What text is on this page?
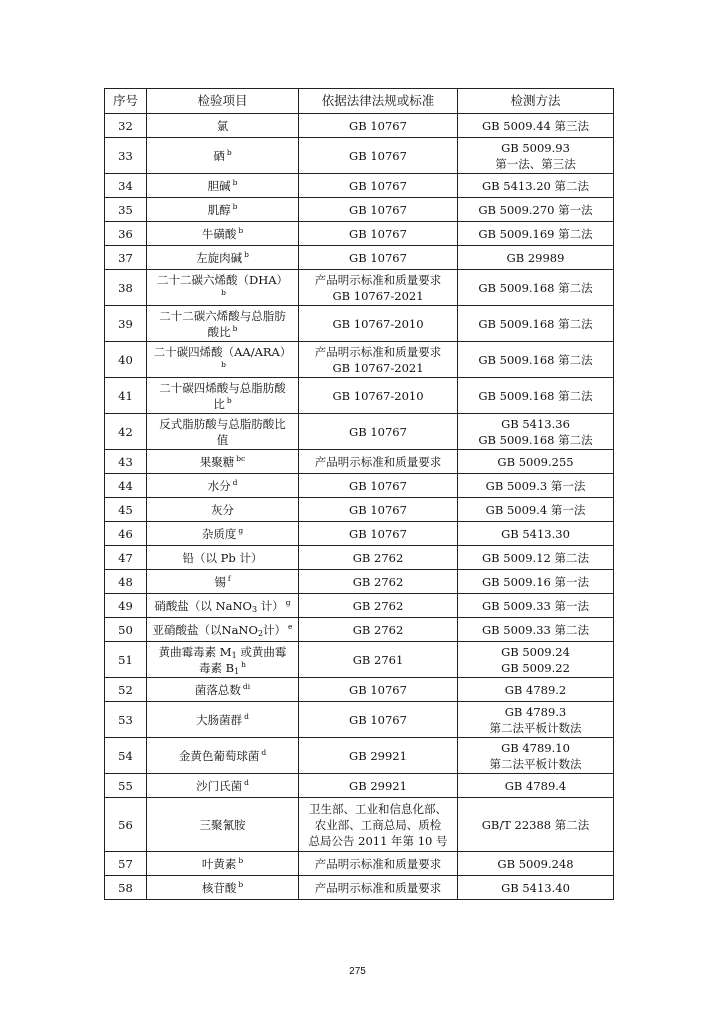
序号	检验项目	依据法律法规或标准	检测方法
32	氯	GB 10767	GB 5009.44 第三法

33	硒 $^b$	GB 10767	GB 5009.93
第一法、第三法

34	胆碱 $^b$	GB 10767	GB 5413.20 第二法

35	肌醇 $^b$	GB 10767	GB 5009.270 第一法

36	牛磺酸 $^b$	GB 10767	GB 5009.169 第二法

37	左旋肉碱 $^b$	GB 10767	GB 29989

38	二十二碳六烯酸（DHA）
$^b$	产品明示标准和质量要求
GB 10767-2021	GB 5009.168 第二法

39	二十二碳六烯酸与总脂肪
酸比 $^b$	GB 10767-2010	GB 5009.168 第二法

40	二十碳四烯酸（AA/ARA）
$^b$	产品明示标准和质量要求
GB 10767-2021	GB 5009.168 第二法

41	二十碳四烯酸与总脂肪酸
比 $^b$	GB 10767-2010	GB 5009.168 第二法

42	反式脂肪酸与总脂肪酸比
值	GB 10767	GB 5413.36
GB 5009.168 第二法

43	果聚糖 $^{bc}$	产品明示标准和质量要求	GB 5009.255

44	水分 $^d$	GB 10767	GB 5009.3 第一法

45	灰分	GB 10767	GB 5009.4 第一法

46	杂质度 $^g$	GB 10767	GB 5413.30

47	铅（以 Pb 计）	GB 2762	GB 5009.12 第二法

48	锡 $^f$	GB 2762	GB 5009.16 第一法

49	硝酸盐（以 NaNO$_3$ 计） $^g$	GB 2762	GB 5009.33 第一法

50	亚硝酸盐（以NaNO$_2$计） $^e$	GB 2762	GB 5009.33 第二法

51	黄曲霉毒素 $M_1$ 或黄曲霉
毒素 $B_1^h$	GB 2761	GB 5009.24
GB 5009.22

52	菌落总数 $^{di}$	GB 10767	GB 4789.2

53	大肠菌群 $^d$	GB 10767	GB 4789.3
第二法平板计数法

54	金黄色葡萄球菌 $^d$	GB 29921	GB 4789.10
第二法平板计数法

55	沙门氏菌 $^d$	GB 29921	GB 4789.4

56	三聚氰胺	卫生部、工业和信息化部、
农业部、工商总局、质检
总局公告 2011 年第 10 号	GB/T 22388 第二法

57	叶黄素 $^b$	产品明示标准和质量要求	GB 5009.248

58	核苷酸 $^b$	产品明示标准和质量要求	GB 5413.40
275
